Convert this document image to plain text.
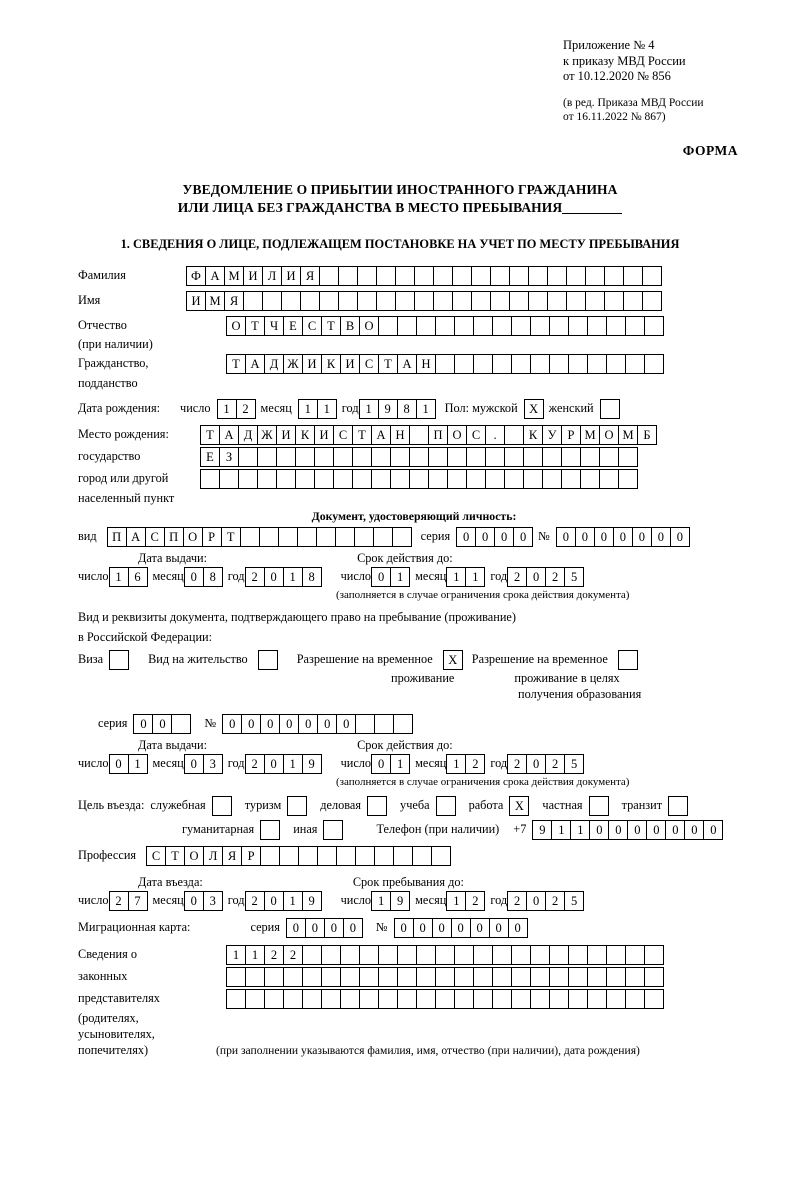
Приложение № 4
к приказу МВД России
от 10.12.2020 № 856
(в ред. Приказа МВД России
от 16.11.2022 № 867)
ФОРМА
УВЕДОМЛЕНИЕ О ПРИБЫТИИ ИНОСТРАННОГО ГРАЖДАНИНА
ИЛИ ЛИЦА БЕЗ ГРАЖДАНСТВА В МЕСТО ПРЕБЫВАНИЯ
1. СВЕДЕНИЯ О ЛИЦЕ, ПОДЛЕЖАЩЕМ ПОСТАНОВКЕ НА УЧЕТ ПО МЕСТУ ПРЕБЫВАНИЯ
Фамилия	Ф А М И Л И Я
Имя	И М Я
Отчество	О Т Ч Е С Т В О
(при наличии)
Гражданство,	Т А Д Ж И К И С Т А Н
подданство
Дата рождения: число	1	2 месяц	1	1 год 1	9	8	1	Пол: мужской X женский
Место рождения:	Т А Д Ж И К И С Т А Н	П О С	.	К У Р М О М Б
государство	Е З
город или другой
населенный пункт
Документ, удостоверяющий личность:
вид	П А С П О Р Т	серия	0	0	0	0 №	0	0	0	0	0	0	0
Дата выдачи:	Срок действия до:
число 1	6 месяц 0	8 год 2	0	1	8	число 0	1 месяц 1	1 год 2	0	2	5
(заполняется в случае ограничения срока действия документа)
Вид и реквизиты документа, подтверждающего право на пребывание (проживание)
в Российской Федерации:
Виза	Вид на жительство	Разрешение на временное	X	Разрешение на временное
проживание	проживание в целях
получения образования
серия	0	0	№	0	0	0	0	0	0	0
Дата выдачи:	Срок действия до:
число 0	1 месяц 0	3 год 2	0	1	9	число 0	1 месяц 1	2 год 2	0	2	5
(заполняется в случае ограничения срока действия документа)
Цель въезда: служебная	туризм	деловая	учеба	работа X	частная	транзит
гуманитарная	иная	Телефон (при наличии) +7	9	1	1	0	0	0	0	0	0	0
Профессия	С Т О Л Я Р
Дата въезда:	Срок пребывания до:
число 2	7 месяц 0	3 год 2	0	1	9	число 1	9 месяц 1	2 год 2	0	2	5
Миграционная карта:	серия	0	0	0	0	№	0	0	0	0	0	0	0
Сведения о	1	1	2	2
законных
представителях
(родителях,
усыновителях,
попечителях)	(при заполнении указываются фамилия, имя, отчество (при наличии), дата рождения)
